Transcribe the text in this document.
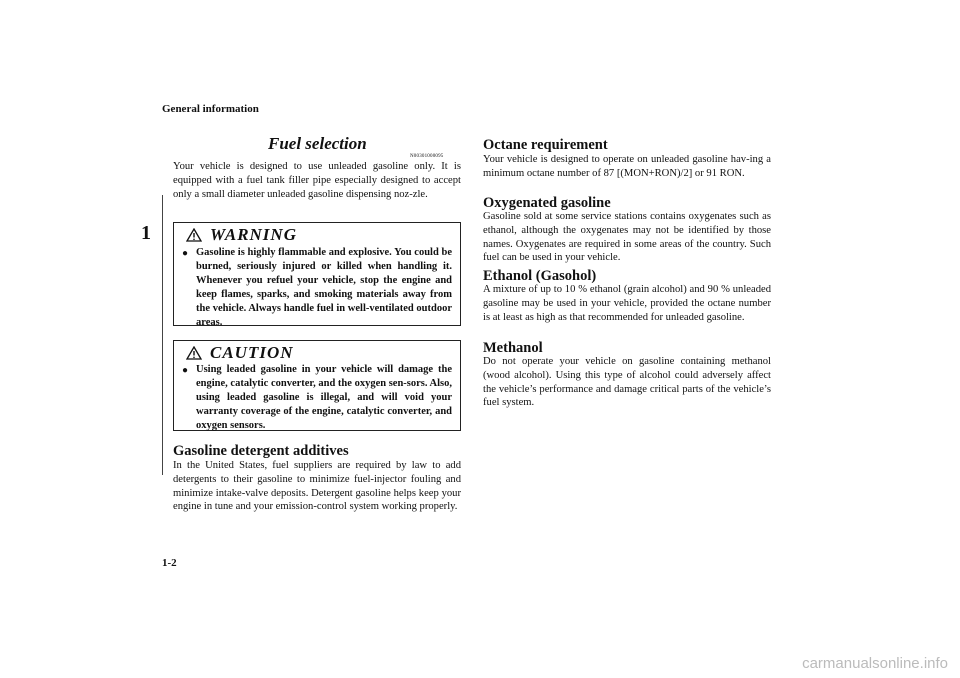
General information
1
Fuel selection
N00301000095

Your vehicle is designed to use unleaded gasoline only. It is equipped with a fuel tank filler pipe especially designed to accept only a small diameter unleaded gasoline dispensing noz-zle.

WARNING
● Gasoline is highly flammable and explosive. You could be burned, seriously injured or killed when handling it. Whenever you refuel your vehicle, stop the engine and keep flames, sparks, and smoking materials away from the vehicle. Always handle fuel in well-ventilated outdoor areas.
CAUTION
● Using leaded gasoline in your vehicle will damage the engine, catalytic converter, and the oxygen sen-sors. Also, using leaded gasoline is illegal, and will void your warranty coverage of the engine, catalytic converter, and oxygen sensors.
Gasoline detergent additives

In the United States, fuel suppliers are required by law to add detergents to their gasoline to minimize fuel-injector fouling and minimize intake-valve deposits. Detergent gasoline helps keep your engine in tune and your emission-control system working properly.

Octane requirement

Your vehicle is designed to operate on unleaded gasoline hav-ing a minimum octane number of 87 [(MON+RON)/2] or 91 RON.

Oxygenated gasoline

Gasoline sold at some service stations contains oxygenates such as ethanol, although the oxygenates may not be identified by those names. Oxygenates are required in some areas of the country. Such fuel can be used in your vehicle.

Ethanol (Gasohol)

A mixture of up to 10 % ethanol (grain alcohol) and 90 % unleaded gasoline may be used in your vehicle, provided the octane number is at least as high as that recommended for unleaded gasoline.

Methanol

Do not operate your vehicle on gasoline containing methanol (wood alcohol). Using this type of alcohol could adversely affect the vehicle’s performance and damage critical parts of the vehicle’s fuel system.

1-2
carmanualsonline.info
